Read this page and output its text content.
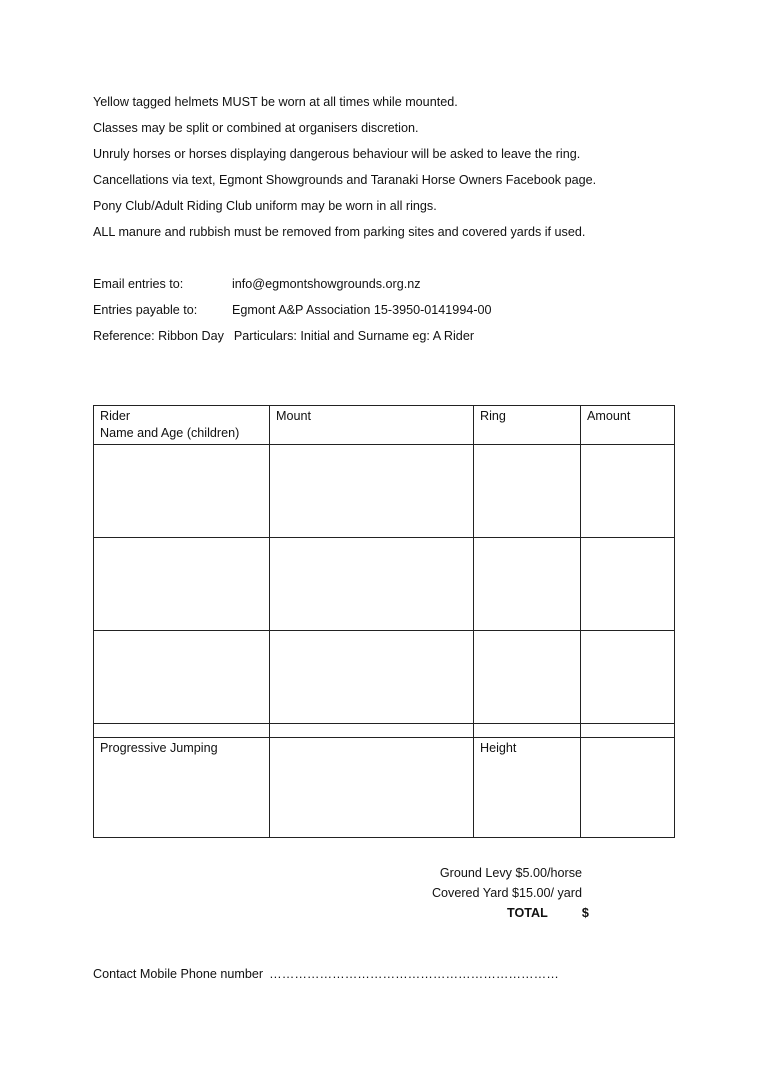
Yellow tagged helmets MUST be worn at all times while mounted.
Classes may be split or combined at organisers discretion.
Unruly horses or horses displaying dangerous behaviour will be asked to leave the ring.
Cancellations via text, Egmont Showgrounds and Taranaki Horse Owners Facebook page.
Pony Club/Adult Riding Club uniform may be worn in all rings.
ALL manure and rubbish must be removed from parking sites and covered yards if used.
Email entries to:	info@egmontshowgrounds.org.nz
Entries payable to:	Egmont A&P Association 15-3950-0141994-00
Reference: Ribbon Day Particulars: Initial and Surname eg: A Rider
Rider
Name and Age (children)	Mount	Ring	Amount

Progressive Jumping		Height	
Ground Levy $5.00/horse
Covered Yard $15.00/ yard
TOTAL	$
Contact Mobile Phone number ……………………………………………………………
